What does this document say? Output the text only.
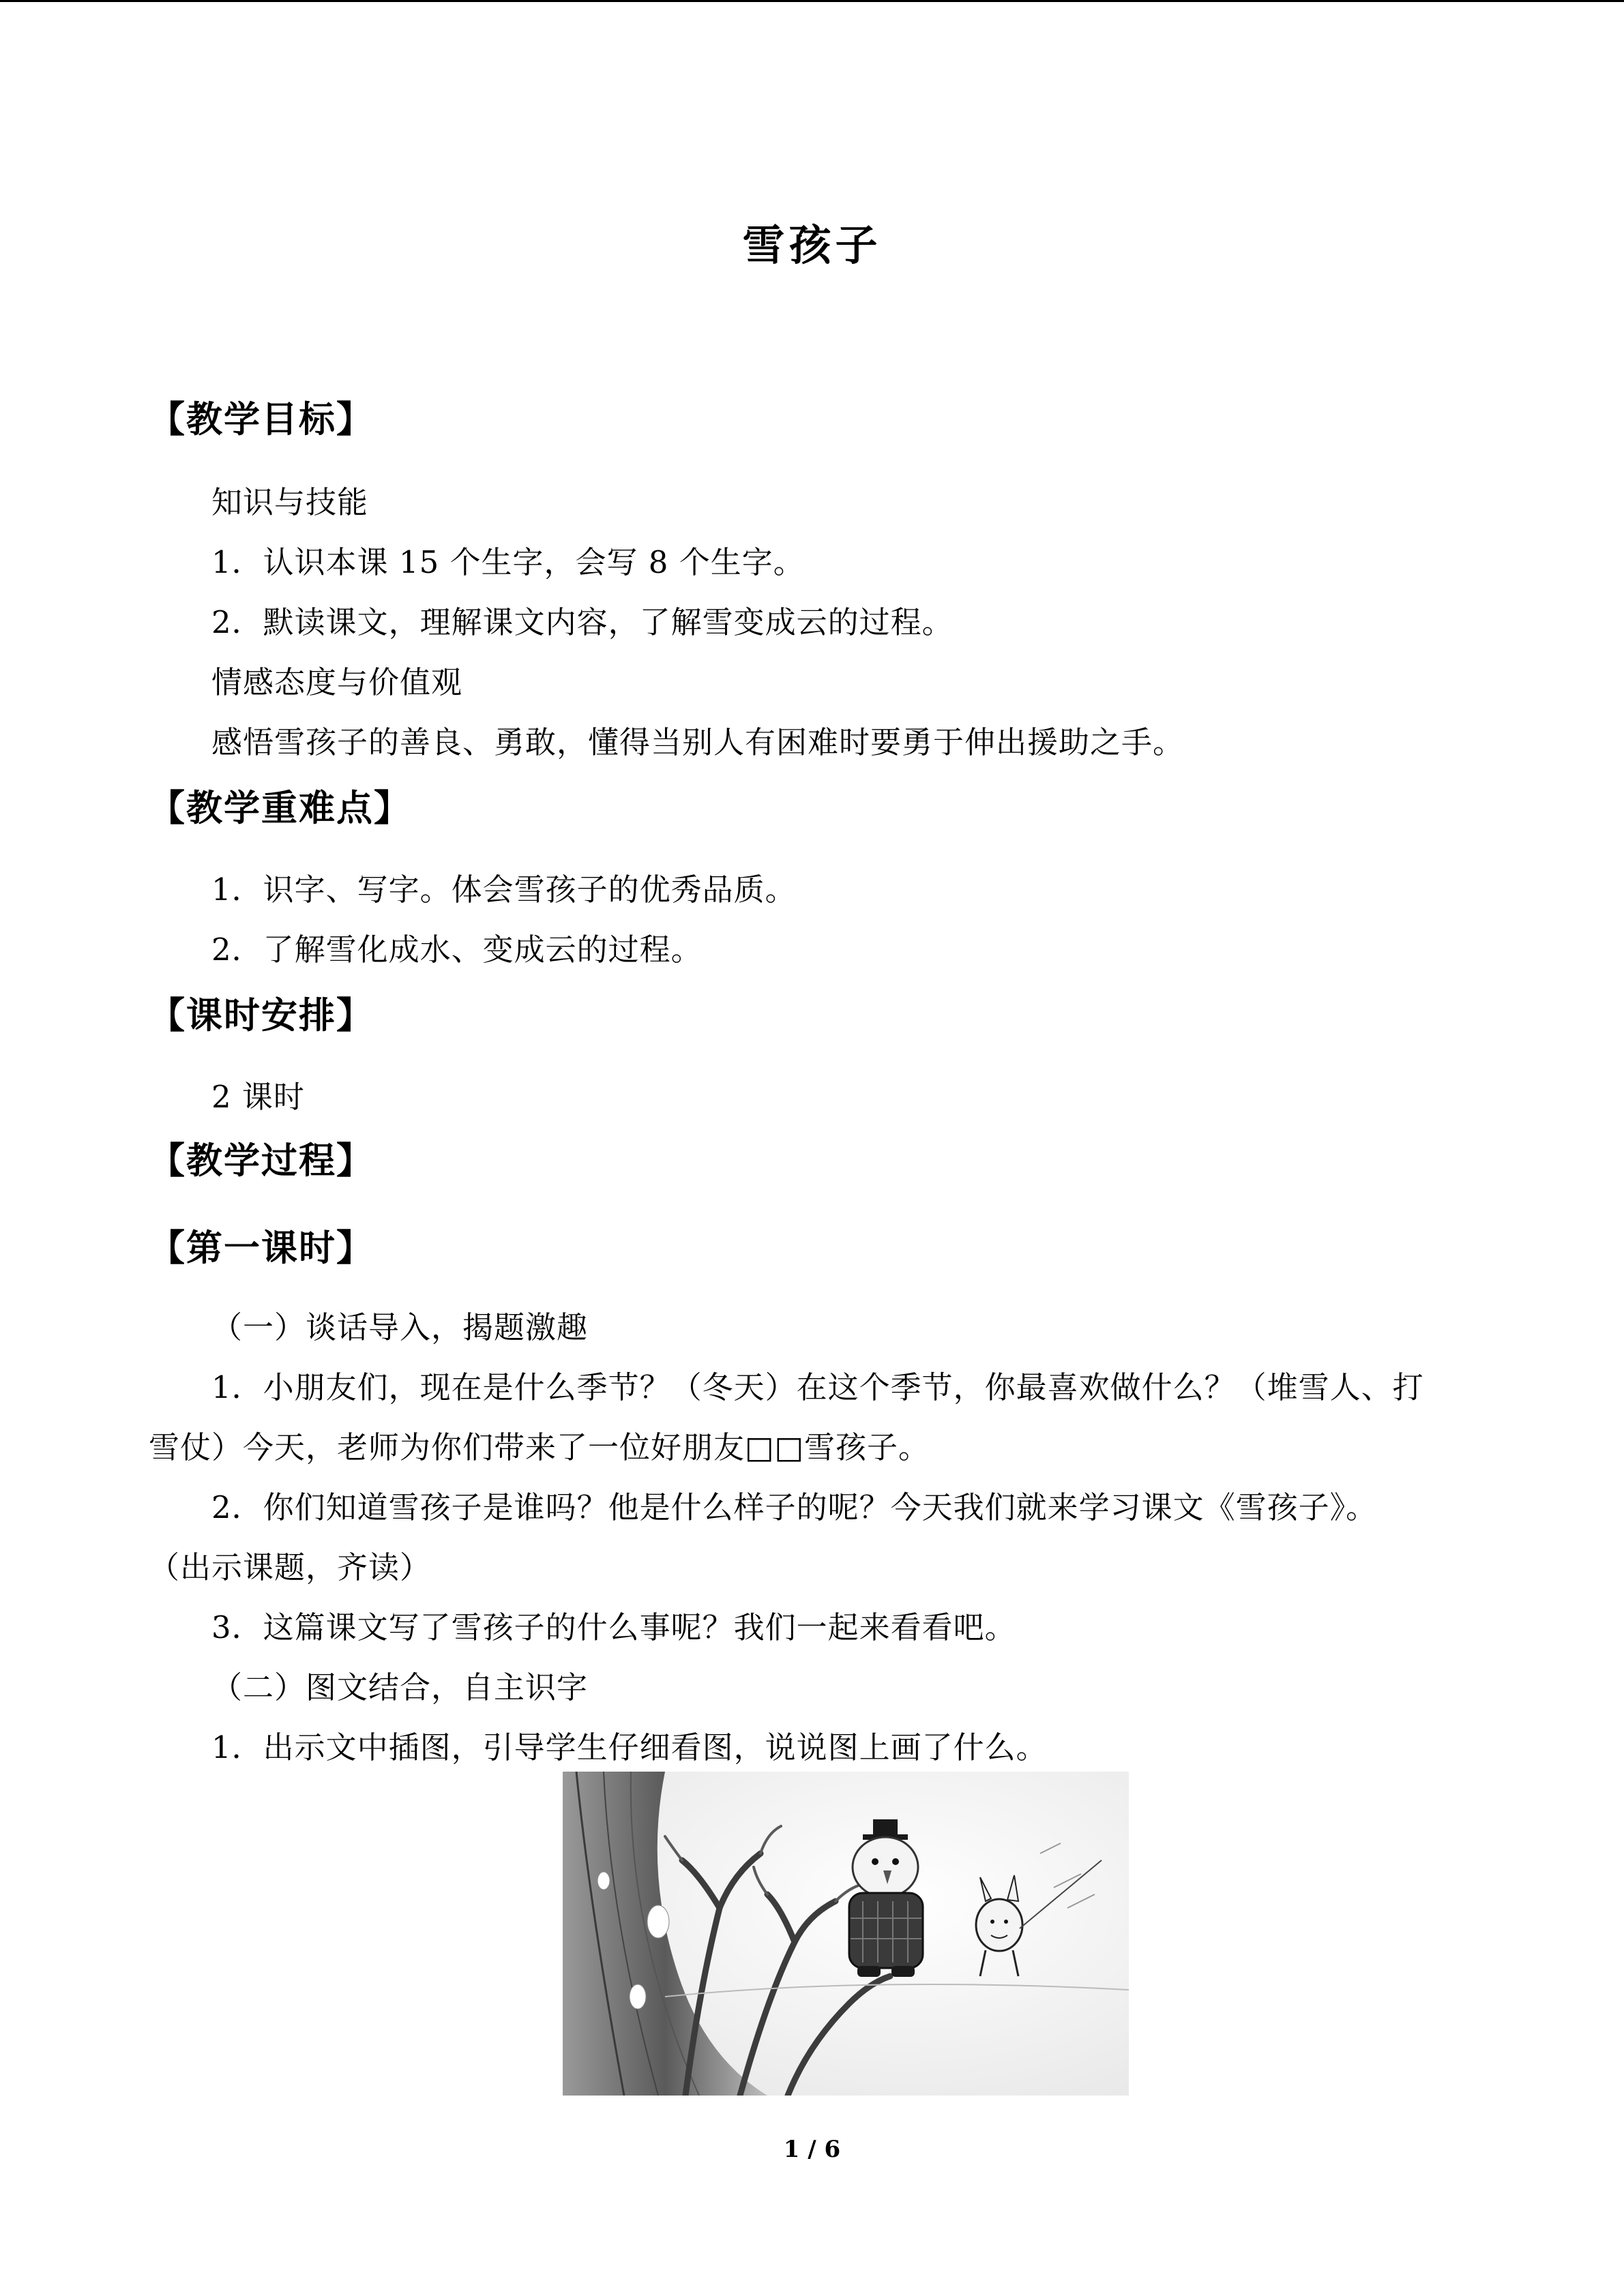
雪孩子
【教学目标】
知识与技能
1．认识本课 15 个生字，会写 8 个生字。
2．默读课文，理解课文内容，了解雪变成云的过程。
情感态度与价值观
感悟雪孩子的善良、勇敢，懂得当别人有困难时要勇于伸出援助之手。
【教学重难点】
1．识字、写字。体会雪孩子的优秀品质。
2．了解雪化成水、变成云的过程。
【课时安排】
2 课时
【教学过程】
【第一课时】
（一）谈话导入，揭题激趣
1．小朋友们，现在是什么季节？（冬天）在这个季节，你最喜欢做什么？（堆雪人、打
雪仗）今天，老师为你们带来了一位好朋友□□雪孩子。
2．你们知道雪孩子是谁吗？他是什么样子的呢？今天我们就来学习课文《雪孩子》。
（出示课题，齐读）
3．这篇课文写了雪孩子的什么事呢？我们一起来看看吧。
（二）图文结合，自主识字
1．出示文中插图，引导学生仔细看图，说说图上画了什么。
1 / 6
